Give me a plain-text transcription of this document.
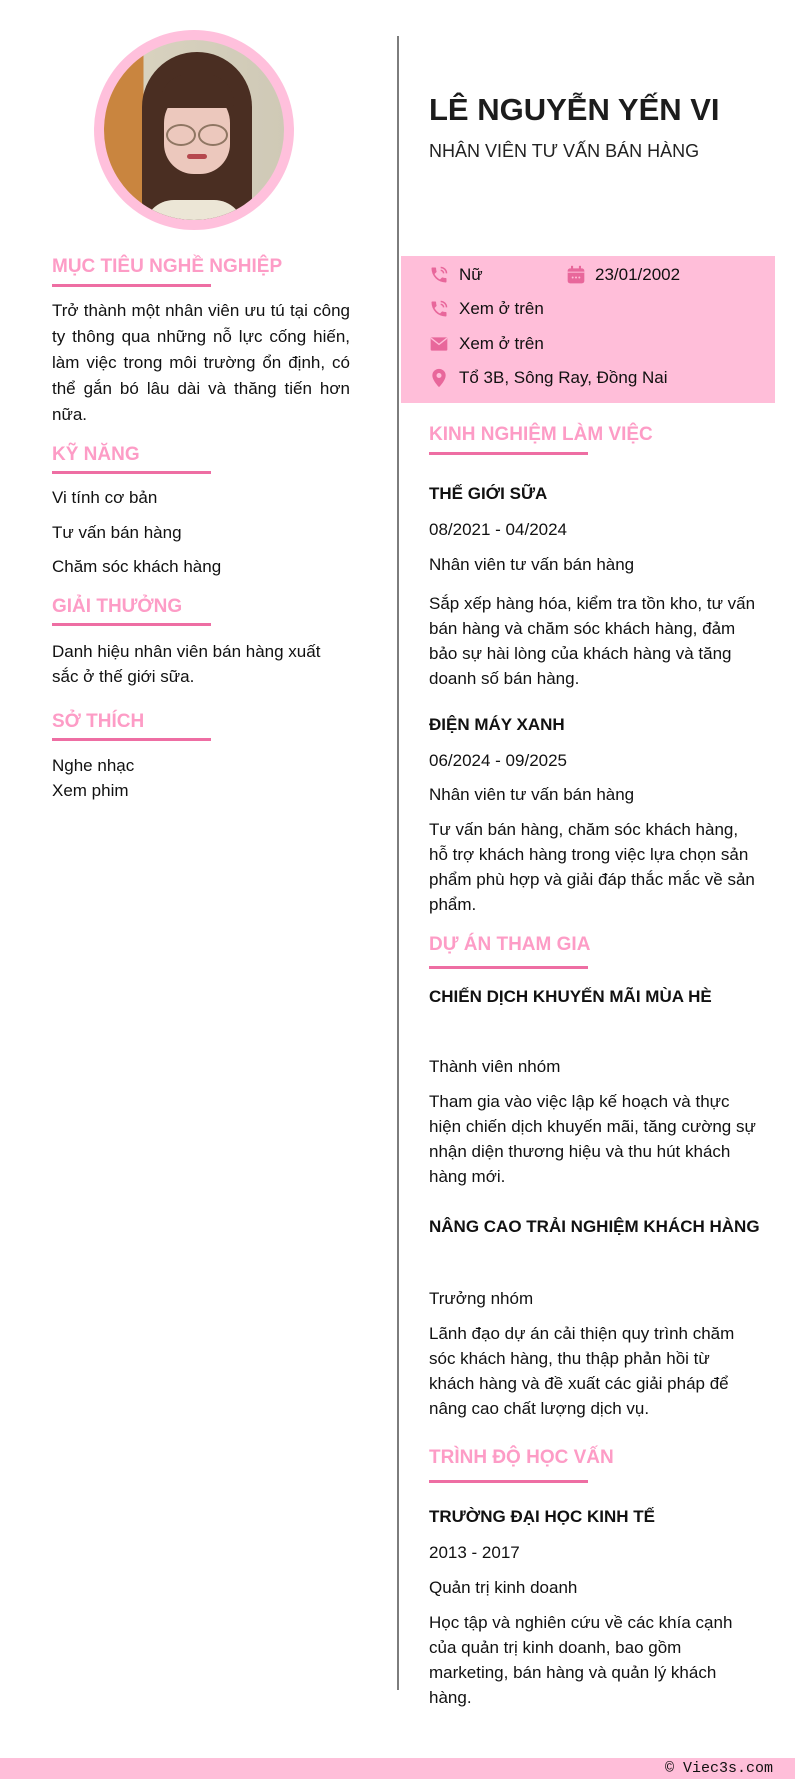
MỤC TIÊU NGHỀ NGHIỆP
Trở thành một nhân viên ưu tú tại công ty thông qua những nỗ lực cống hiến, làm việc trong môi trường ổn định, có thể gắn bó lâu dài và thăng tiến hơn nữa.
KỸ NĂNG
Vi tính cơ bản
Tư vấn bán hàng
Chăm sóc khách hàng
GIẢI THƯỞNG
Danh hiệu nhân viên bán hàng xuất sắc ở thế giới sữa.
SỞ THÍCH
Nghe nhạc
Xem phim
LÊ NGUYỄN YẾN VI
NHÂN VIÊN TƯ VẤN BÁN HÀNG
Nữ	23/01/2002
Xem ở trên
Xem ở trên
Tổ 3B, Sông Ray, Đồng Nai
KINH NGHIỆM LÀM VIỆC
THẾ GIỚI SỮA
08/2021 - 04/2024
Nhân viên tư vấn bán hàng
Sắp xếp hàng hóa, kiểm tra tồn kho, tư vấn bán hàng và chăm sóc khách hàng, đảm bảo sự hài lòng của khách hàng và tăng doanh số bán hàng.
ĐIỆN MÁY XANH
06/2024 - 09/2025
Nhân viên tư vấn bán hàng
Tư vấn bán hàng, chăm sóc khách hàng, hỗ trợ khách hàng trong việc lựa chọn sản phẩm phù hợp và giải đáp thắc mắc về sản phẩm.
DỰ ÁN THAM GIA
CHIẾN DỊCH KHUYẾN MÃI MÙA HÈ
Thành viên nhóm
Tham gia vào việc lập kế hoạch và thực hiện chiến dịch khuyến mãi, tăng cường sự nhận diện thương hiệu và thu hút khách hàng mới.
NÂNG CAO TRẢI NGHIỆM KHÁCH HÀNG
Trưởng nhóm
Lãnh đạo dự án cải thiện quy trình chăm sóc khách hàng, thu thập phản hồi từ khách hàng và đề xuất các giải pháp để nâng cao chất lượng dịch vụ.
TRÌNH ĐỘ HỌC VẤN
TRƯỜNG ĐẠI HỌC KINH TẾ
2013 - 2017
Quản trị kinh doanh
Học tập và nghiên cứu về các khía cạnh của quản trị kinh doanh, bao gồm marketing, bán hàng và quản lý khách hàng.
© Viec3s.com
